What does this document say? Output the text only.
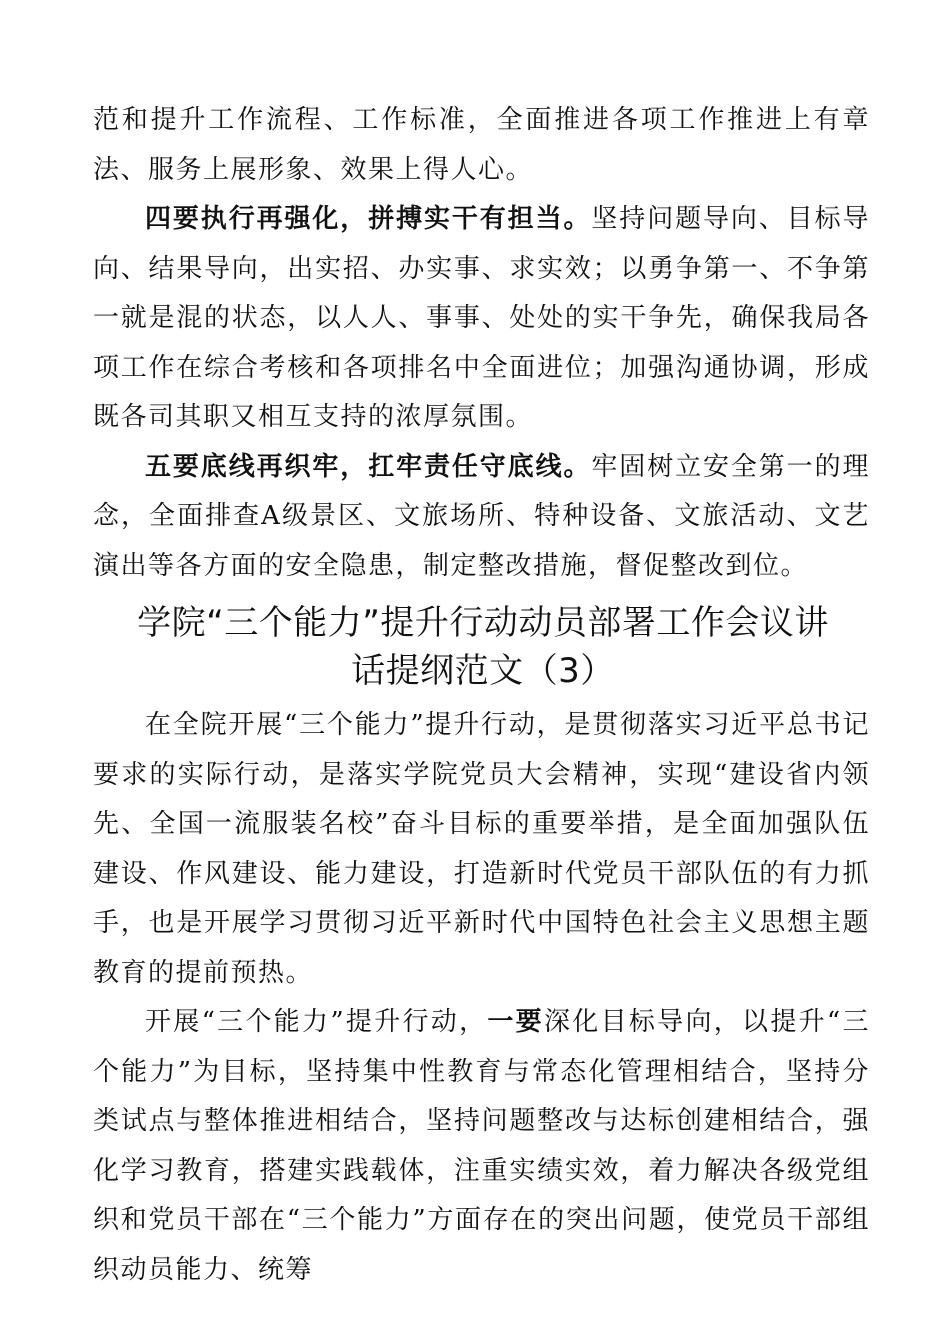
范和提升工作流程、工作标准，全面推进各项工作推进上有章法、服务上展形象、效果上得人心。

四要执行再强化，拼搏实干有担当。坚持问题导向、目标导向、结果导向，出实招、办实事、求实效；以勇争第一、不争第一就是混的状态，以人人、事事、处处的实干争先，确保我局各项工作在综合考核和各项排名中全面进位；加强沟通协调，形成既各司其职又相互支持的浓厚氛围。

五要底线再织牢，扛牢责任守底线。牢固树立安全第一的理念，全面排查A级景区、文旅场所、特种设备、文旅活动、文艺演出等各方面的安全隐患，制定整改措施，督促整改到位。

学院“三个能力”提升行动动员部署工作会议讲
话提纲范文（3）

在全院开展“三个能力”提升行动，是贯彻落实习近平总书记要求的实际行动，是落实学院党员大会精神，实现“建设省内领先、全国一流服装名校”奋斗目标的重要举措，是全面加强队伍建设、作风建设、能力建设，打造新时代党员干部队伍的有力抓手，也是开展学习贯彻习近平新时代中国特色社会主义思想主题教育的提前预热。

开展“三个能力”提升行动，一要深化目标导向，以提升“三个能力”为目标，坚持集中性教育与常态化管理相结合，坚持分类试点与整体推进相结合，坚持问题整改与达标创建相结合，强化学习教育，搭建实践载体，注重实绩实效，着力解决各级党组织和党员干部在“三个能力”方面存在的突出问题，使党员干部组织动员能力、统筹
